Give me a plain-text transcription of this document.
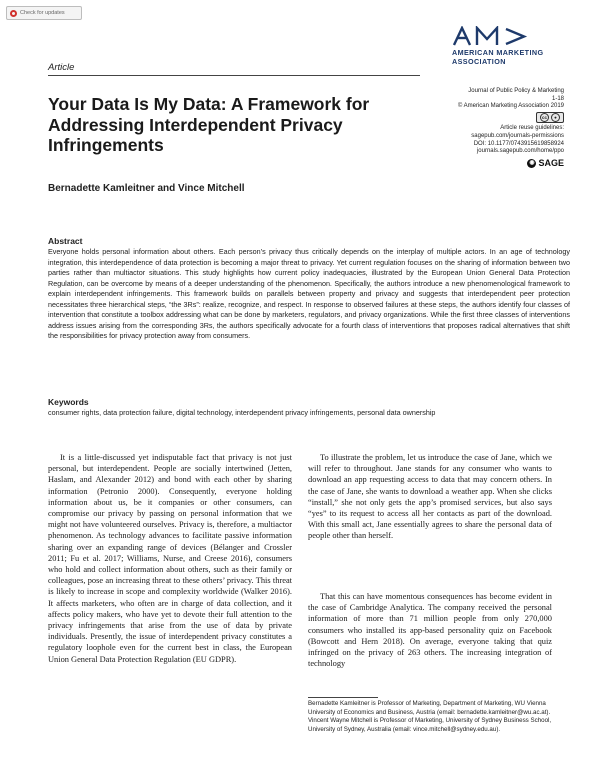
Check for updates
AMERICAN MARKETING
ASSOCIATION
Article
Journal of Public Policy & Marketing
1-18
© American Marketing Association 2019
cc	●
Article reuse guidelines:
sagepub.com/journals-permissions
DOI: 10.1177/0743915619858924
journals.sagepub.com/home/ppo
◉ SAGE
Your Data Is My Data: A Framework for Addressing Interdependent Privacy Infringements
Bernadette Kamleitner and Vince Mitchell
Abstract
Everyone holds personal information about others. Each person’s privacy thus critically depends on the interplay of multiple actors. In an age of technology integration, this interdependence of data protection is becoming a major threat to privacy. Yet current regulation focuses on the sharing of information between two parties rather than multiactor situations. This study highlights how current policy inadequacies, illustrated by the European Union General Data Protection Regulation, can be overcome by means of a deeper understanding of the phenomenon. Specifically, the authors introduce a new phenomenological framework to explain interdependent infringements. This framework builds on parallels between property and privacy and suggests that interdependent peer protection necessitates three hierarchical steps, “the 3Rs”: realize, recognize, and respect. In response to observed failures at these steps, the authors identify four classes of intervention that constitute a toolbox addressing what can be done by marketers, regulators, and privacy organizations. While the first three classes of interventions address issues arising from the corresponding 3Rs, the authors specifically advocate for a fourth class of interventions that proposes radical alternatives that shift the responsibilities for privacy protection away from consumers.
Keywords
consumer rights, data protection failure, digital technology, interdependent privacy infringements, personal data ownership

It is a little-discussed yet indisputable fact that privacy is not just personal, but interdependent. People are socially intertwined (Jetten, Haslam, and Alexander 2012) and bond with each other by sharing information (Petronio 2000). Consequently, everyone holding information about us, be it companies or other consumers, can compromise our privacy by passing on personal information that we might not have volunteered ourselves. Privacy is, therefore, a multiactor phenomenon. As technology advances to facilitate passive information sharing over an expanding range of devices (Bélanger and Crossler 2011; Fu et al. 2017; Williams, Nurse, and Creese 2016), consumers who hold and collect information about others, such as their family or colleagues, pose an increasing threat to these others’ privacy. This threat is likely to increase in scope and complexity worldwide (Walker 2016). It affects marketers, who often are in charge of data collection, and it affects policy makers, who have yet to devote their full attention to the privacy infringements that arise from the use of data by private individuals. Presently, the issue of interdependent privacy constitutes a regulatory loophole even for the current best in class, the European Union General Data Protection Regulation (EU GDPR).

To illustrate the problem, let us introduce the case of Jane, which we will refer to throughout. Jane stands for any consumer who wants to download an app requesting access to data that may concern others. In the case of Jane, she wants to download a weather app. When she clicks “install,” she not only gets the app’s promised services, but also says “yes” to its request to access all her contacts as part of the download. With this small act, Jane essentially agrees to share the personal data of people other than herself.

That this can have momentous consequences has become evident in the case of Cambridge Analytica. The company received the personal information of more than 71 million people from only 270,000 consumers who installed its app-based personality quiz on Facebook (Bowcott and Hern 2018). On average, everyone taking that quiz infringed on the privacy of 263 others. The increasing integration of technology

Bernadette Kamleitner is Professor of Marketing, Department of Marketing, WU Vienna University of Economics and Business, Austria (email: bernadette.kamleitner@wu.ac.at). Vincent Wayne Mitchell is Professor of Marketing, University of Sydney Business School, University of Sydney, Australia (email: vince.mitchell@sydney.edu.au).
